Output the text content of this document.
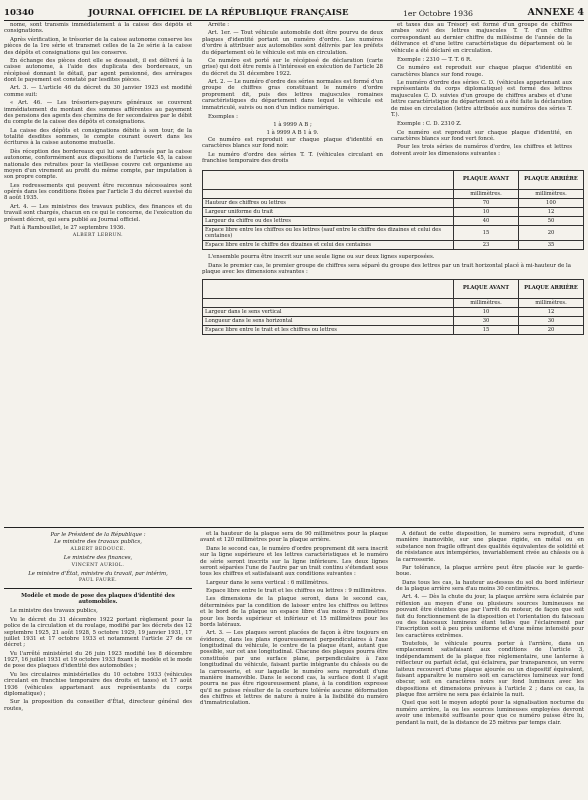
10340	JOURNAL OFFICIEL DE LA RÉPUBLIQUE FRANÇAISE	1er Octobre 1936	ANNEXE 4

nome, sont transmis immédiatement à la caisse des dépôts et consignations.

Après vérification, le trésorier de la caisse autonome conserve les pièces de la 1re série et transmet celles de la 2e série à la caisse des dépôts et consignations qui les conserve.

En échange des pièces dont elle se dessaisit, il est délivré à la caisse autonome, à l'aide des duplicata des bordereaux, un récépissé donnant le détail, par agent pensionné, des arrérages dont le payement est constaté par lesdites pièces.

Art. 3. — L'article 46 du décret du 30 janvier 1923 est modifié comme suit:

« Art. 46. — Les trésoriers-payeurs généraux se couvrent immédiatement du montant des sommes afférentes au payement des pensions des agents des chemins de fer secondaires par le débit du compte de la caisse des dépôts et consignations.

La caisse des dépôts et consignations débite à son tour, de la totalité desdites sommes, le compte courant ouvert dans les écritures à la caisse autonome mutuelle.

Dès réception des bordereaux qui lui sont adressés par la caisse autonome, conformément aux dispositions de l'article 45, la caisse nationale des retraites pour la vieillesse couvre cet organisme au moyen d'un virement au profit du même compte, par imputation à son propre compte.

Les redressements qui peuvent être reconnus nécessaires sont opérés dans les conditions fixées par l'article 3 du décret susvisé du 8 août 1935.

Art. 4. — Les ministres des travaux publics, des finances et du travail sont chargés, chacun en ce qui le concerne, de l'exécution du présent décret, qui sera publié au Journal officiel.

Fait à Rambouillet, le 27 septembre 1936.

ALBERT LEBRUN.

Arrête :

Art. 1er. — Tout véhicule automobile doit être pourvu de deux plaques d'identité portant un numéro d'ordre. Les numéros d'ordre à attribuer aux automobiles sont délivrés par les préfets du département où le véhicule est mis en circulation.

Ce numéro est porté sur le récépissé de déclaration (carte grise) qui doit être remis à l'intéressé en exécution de l'article 28 du décret du 31 décembre 1922.

Art. 2. — Le numéro d'ordre des séries normales est formé d'un groupe de chiffres gras constituant le numéro d'ordre proprement dit, puis des lettres majuscules romaines caractéristiques du département dans lequel le véhicule est immatriculé, suivis ou non d'un indice numérique.

Exemples :

1 à 9999 A B ;

1 à 9999 A B 1 à 9.

Ce numéro est reproduit sur chaque plaque d'identité en caractères blancs sur fond noir.

Le numéro d'ordre des séries T. T. (véhicules circulant en franchise temporaire des droits

et taxes dus au Trésor) est formé d'un groupe de chiffres arabes suivi des lettres majuscules T. T. d'un chiffre correspondant au dernier chiffre du millésime de l'année de la délivrance et d'une lettre caractéristique du département où le véhicule a été déclaré en circulation.

Exemple : 2310 — T. T. 6 R.

Ce numéro est reproduit sur chaque plaque d'identité en caractères blancs sur fond rouge.

Le numéro d'ordre des séries C. D. (véhicules appartenant aux représentants du corps diplomatique) est formé des lettres majuscules C. D. suivies d'un groupe de chiffres arabes et d'une lettre caractéristique du département où a été faite la déclaration de mise en circulation (lettre attribuée aux numéros des séries T. T.).

Exemple : C. D. 2310 Z.

Ce numéro est reproduit sur chaque plaque d'identité, en caractères blancs sur fond vert foncé.

Pour les trois séries de numéros d'ordre, les chiffres et lettres doivent avoir les dimensions suivantes :

	PLAQUE AVANT	PLAQUE ARRIÈRE
	millimètres.	millimètres.
Hauteur des chiffres ou lettres	70	100
Largeur uniforme du trait	10	12
Largeur du chiffre ou des lettres	40	50
Espace libre entre les chiffres ou les lettres (sauf entre le chiffre des dizaines et celui des centaines)	15	20
Espace libre entre le chiffre des dizaines et celui des centaines	23	35

L'ensemble pourra être inscrit sur une seule ligne ou sur deux lignes superposées.

Dans le premier cas, le premier groupe de chiffres sera séparé du groupe des lettres par un trait horizontal placé à mi-hauteur de la plaque avec les dimensions suivantes :

	PLAQUE AVANT	PLAQUE ARRIÈRE
	millimètres.	millimètres.
Largeur dans le sens vertical	10	12
Longueur dans le sens horizontal	30	30
Espace libre entre le trait et les chiffres ou lettres	15	20

Par le Président de la République :

Le ministre des travaux publics,

ALBERT BEDOUCE.

Le ministre des finances,

VINCENT AURIOL.

Le ministre d'État, ministre du travail, par intérim,

PAUL FAURE.

Modèle et mode de pose des plaques d'identité des automobiles.

Le ministre des travaux publics,

Vu le décret du 31 décembre 1922 portant règlement pour la police de la circulation et du roulage, modifié par les décrets des 12 septembre 1925, 21 août 1928, 5 octobre 1929, 19 janvier 1931, 17 juillet 1931 et 17 octobre 1933 et notamment l'article 27 de ce décret ;

Vu l'arrêté ministériel du 26 juin 1923 modifié les 8 décembre 1927, 16 juillet 1931 et 19 octobre 1933 fixant le modèle et le mode de pose des plaques d'identité des automobiles ;

Vu les circulaires ministérielles du 10 octobre 1933 (véhicules circulant en franchise temporaire des droits et taxes) et 17 août 1936 (véhicules appartenant aux représentants du corps diplomatique) ;

Sur la proposition du conseiller d'État, directeur général des routes,

et la hauteur de la plaque sera de 90 millimètres pour la plaque avant et 120 millimètres pour la plaque arrière.

Dans le second cas, le numéro d'ordre proprement dit sera inscrit sur la ligne supérieure et les lettres caractéristiques et le numéro de série seront inscrits sur la ligne inférieure. Les deux lignes seront séparées l'une de l'autre par un trait continu s'étendant sous tous les chiffres et satisfaisant aux conditions suivantes :

Largeur dans le sens vertical : 6 millimètres.

Espace libre entre le trait et les chiffres ou lettres : 9 millimètres.

Les dimensions de la plaque seront, dans le second cas, déterminées par la condition de laisser entre les chiffres ou lettres et le bord de la plaque un espace libre d'au moins 9 millimètres pour les bords supérieur et inférieur et 15 millimètres pour les bords latéraux.

Art. 3. — Les plaques seront placées de façon à être toujours en évidence, dans les plans rigoureusement perpendiculaires à l'axe longitudinal du véhicule, le centre de la plaque étant, autant que possible, sur cet axe longitudinal. Chacune des plaques pourra être constituée par une surface plane, perpendiculaire à l'axe longitudinal du véhicule, faisant partie intégrante du châssis ou de la carrosserie, et sur laquelle le numéro sera reproduit d'une manière inamovible. Dans le second cas, la surface dont il s'agit pourra ne pas être rigoureusement plane, à la condition expresse qu'il ne puisse résulter de la courbure tolérée aucune déformation des chiffres et lettres de nature à nuire à la lisibilité du numéro d'immatriculation.

A défaut de cette disposition, le numéro sera reproduit, d'une manière inamovible, sur une plaque rigide, en métal ou en substance non fragile offrant des qualités équivalentes de solidité et de résistance aux intempéries, invariablement rivée au châssis ou à la carrosserie.

Par tolérance, la plaque arrière peut être placée sur le garde-boue.

Dans tous les cas, la hauteur au-dessus du sol du bord inférieur de la plaque arrière sera d'au moins 30 centimètres.

Art. 4. — Dès la chute du jour, la plaque arrière sera éclairée par réflexion au moyen d'une ou plusieurs sources lumineuses ne pouvant être éteintes que par l'arrêt du moteur, de façon que soit fait du fonctionnement de la disposition et l'orientation du faisceau ou des faisceaux lumineux étant telles que l'éclairement par l'inscription soit à peu près uniforme et d'une même intensité pour les caractères extrêmes.

Toutefois, le véhicule pourra porter à l'arrière, dans un emplacement satisfaisant aux conditions de l'article 3, indépendamment de la plaque fixe réglementaire, une lanterne à réflecteur ou parfait éclat, qui éclairera, par transparence, un verre laiteux recouvert d'une plaque ajourée ou un dispositif équivalent, faisant apparaître le numéro soit en caractères lumineux sur fond obscur, soit en caractères noirs sur fond lumineux avec les dispositions et dimensions prévues à l'article 2 ; dans ce cas, la plaque fixe arrière ne sera pas éclairée la nuit.

Quel que soit le moyen adopté pour la signalisation nocturne du numéro arrière, la ou les sources lumineuses employées devront avoir une intensité suffisante pour que ce numéro puisse être lu, pendant la nuit, de la distance de 25 mètres par temps clair.
